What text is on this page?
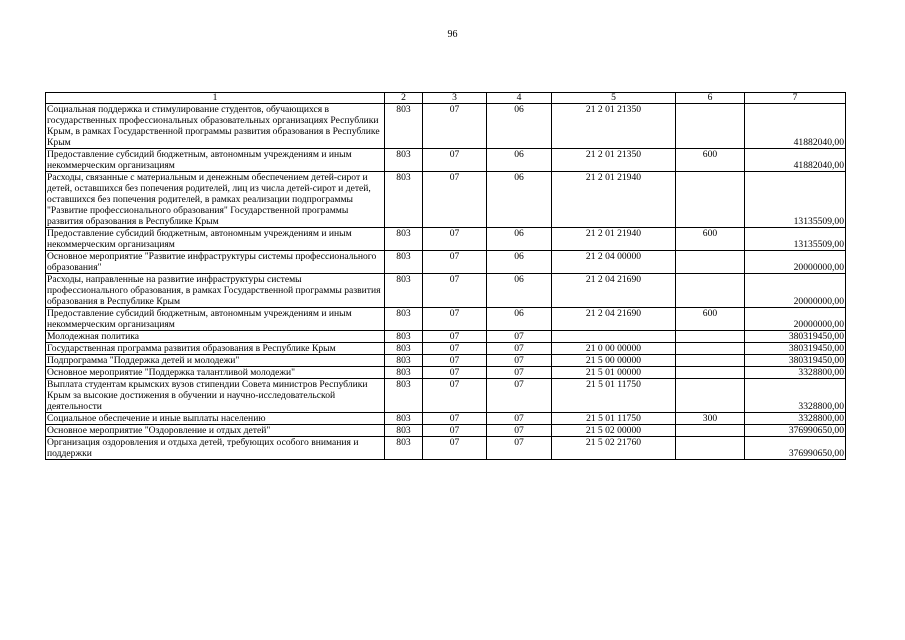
96
1	2	3	4	5	6	7
Социальная поддержка и стимулирование студентов, обучающихся в государственных профессиональных образовательных организациях Республики Крым, в рамках Государственной программы развития образования в Республике Крым	803	07	06	21 2 01 21350		41882040,00
Предоставление субсидий бюджетным, автономным учреждениям и иным некоммерческим организациям	803	07	06	21 2 01 21350	600	41882040,00
Расходы, связанные с материальным и денежным обеспечением детей-сирот и детей, оставшихся без попечения родителей, лиц из числа детей-сирот и детей, оставшихся без попечения родителей, в рамках реализации подпрограммы "Развитие профессионального образования" Государственной программы развития образования в Республике Крым	803	07	06	21 2 01 21940		13135509,00
Предоставление субсидий бюджетным, автономным учреждениям и иным некоммерческим организациям	803	07	06	21 2 01 21940	600	13135509,00
Основное мероприятие "Развитие инфраструктуры системы профессионального образования"	803	07	06	21 2 04 00000		20000000,00
Расходы, направленные на развитие инфраструктуры системы профессионального образования, в рамках Государственной программы развития образования в Республике Крым	803	07	06	21 2 04 21690		20000000,00
Предоставление субсидий бюджетным, автономным учреждениям и иным некоммерческим организациям	803	07	06	21 2 04 21690	600	20000000,00
Молодежная политика	803	07	07			380319450,00
Государственная программа развития образования в Республике Крым	803	07	07	21 0 00 00000		380319450,00
Подпрограмма "Поддержка детей и молодежи"	803	07	07	21 5 00 00000		380319450,00
Основное мероприятие "Поддержка талантливой молодежи"	803	07	07	21 5 01 00000		3328800,00
Выплата студентам крымских вузов стипендии Совета министров Республики Крым за высокие достижения в обучении и научно-исследовательской деятельности	803	07	07	21 5 01 11750		3328800,00
Социальное обеспечение и иные выплаты населению	803	07	07	21 5 01 11750	300	3328800,00
Основное мероприятие "Оздоровление и отдых детей"	803	07	07	21 5 02 00000		376990650,00
Организация оздоровления и отдыха детей, требующих особого внимания и поддержки	803	07	07	21 5 02 21760		376990650,00
